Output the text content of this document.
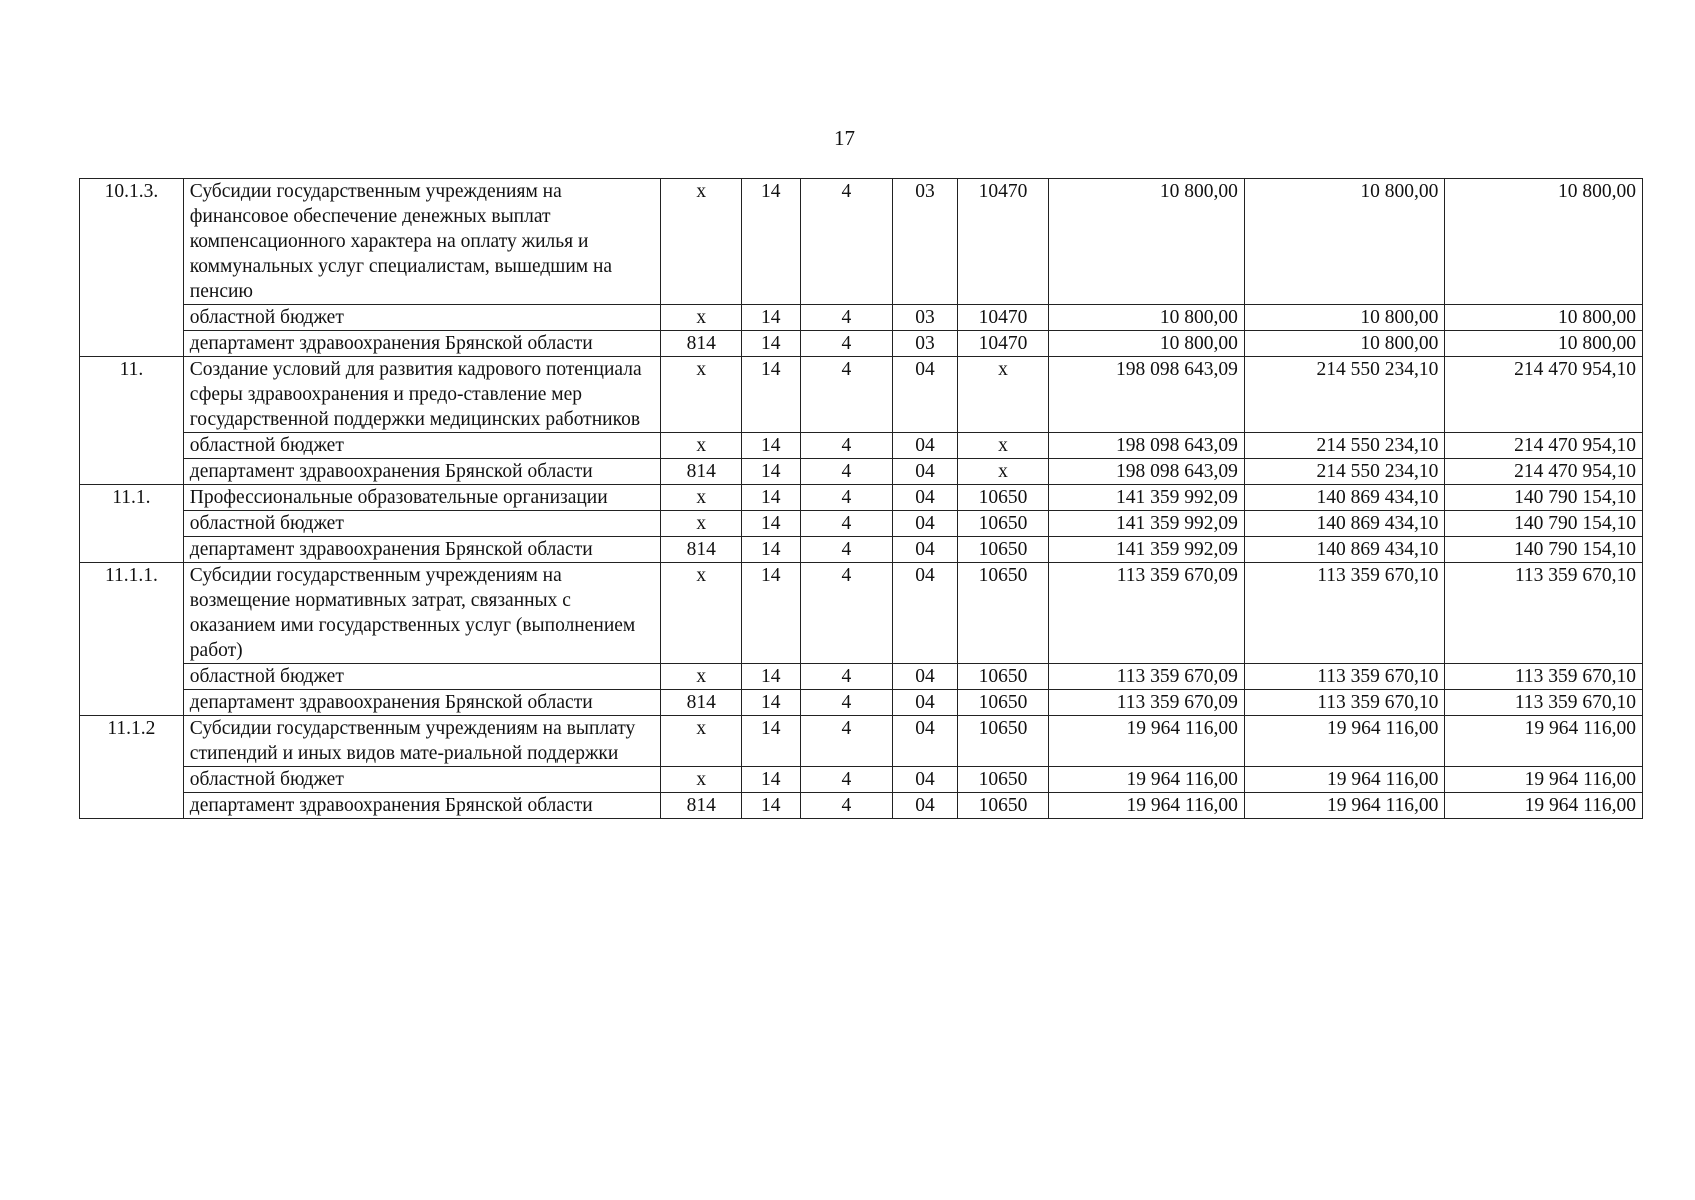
17
10.1.3.	Субсидии государственным учреждениям на финансовое обеспечение денежных выплат компенсационного характера на оплату жилья и коммунальных услуг специалистам, вышедшим на пенсию	х	14	4	03	10470	10 800,00	10 800,00	10 800,00
	областной бюджет	х	14	4	03	10470	10 800,00	10 800,00	10 800,00
	департамент здравоохранения Брянской области	814	14	4	03	10470	10 800,00	10 800,00	10 800,00
11.	Создание условий для развития кадрового потенциала сферы здравоохранения и предо-ставление мер государственной поддержки медицинских работников	х	14	4	04	х	198 098 643,09	214 550 234,10	214 470 954,10
	областной бюджет	х	14	4	04	х	198 098 643,09	214 550 234,10	214 470 954,10
	департамент здравоохранения Брянской области	814	14	4	04	х	198 098 643,09	214 550 234,10	214 470 954,10
11.1.	Профессиональные образовательные организации	х	14	4	04	10650	141 359 992,09	140 869 434,10	140 790 154,10
	областной бюджет	х	14	4	04	10650	141 359 992,09	140 869 434,10	140 790 154,10
	департамент здравоохранения Брянской области	814	14	4	04	10650	141 359 992,09	140 869 434,10	140 790 154,10
11.1.1.	Субсидии государственным учреждениям на возмещение нормативных затрат, связанных с оказанием ими государственных услуг (выполнением работ)	х	14	4	04	10650	113 359 670,09	113 359 670,10	113 359 670,10
	областной бюджет	х	14	4	04	10650	113 359 670,09	113 359 670,10	113 359 670,10
	департамент здравоохранения Брянской области	814	14	4	04	10650	113 359 670,09	113 359 670,10	113 359 670,10
11.1.2	Субсидии государственным учреждениям на выплату стипендий и иных видов мате-риальной поддержки	х	14	4	04	10650	19 964 116,00	19 964 116,00	19 964 116,00
	областной бюджет	х	14	4	04	10650	19 964 116,00	19 964 116,00	19 964 116,00
	департамент здравоохранения Брянской области	814	14	4	04	10650	19 964 116,00	19 964 116,00	19 964 116,00
